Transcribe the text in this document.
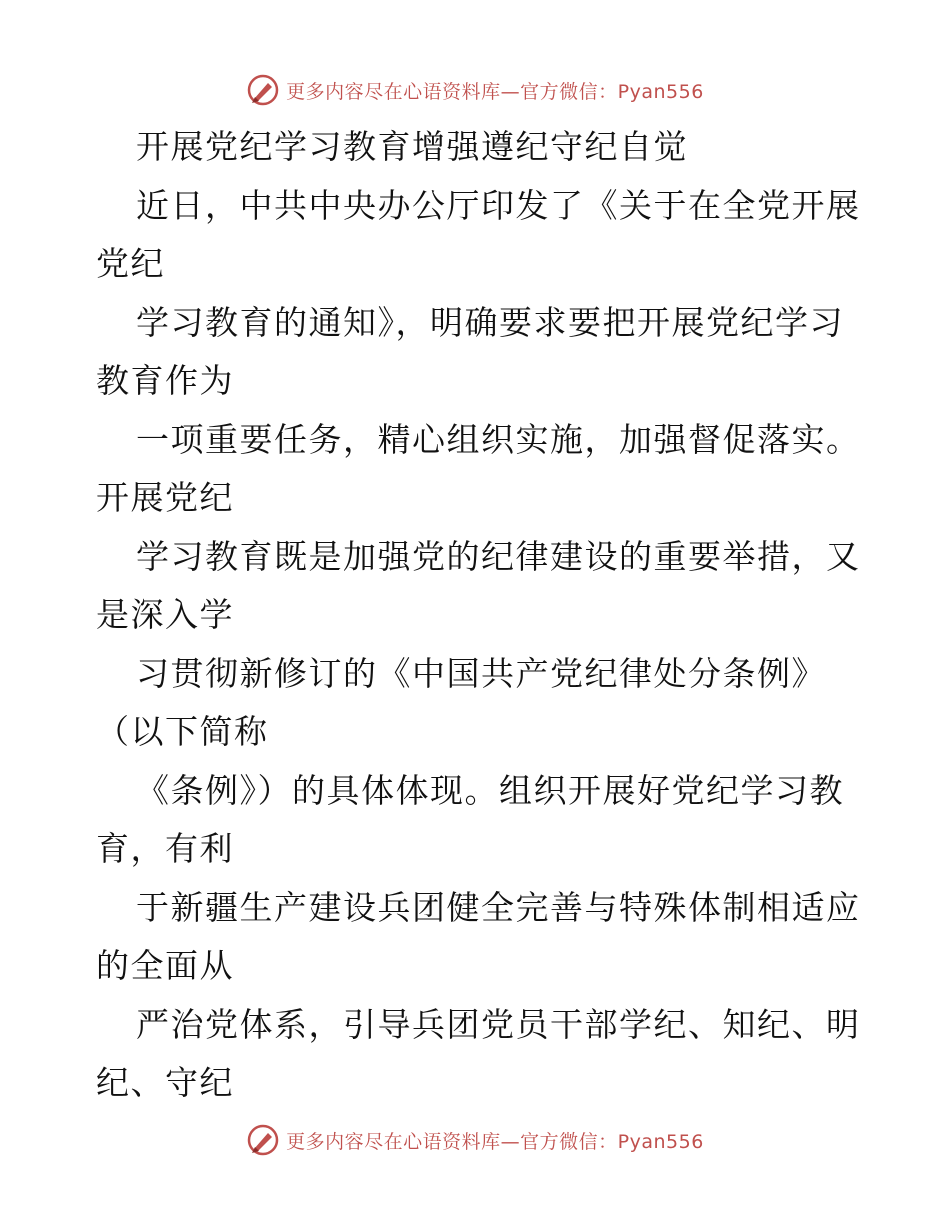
更多内容尽在心语资料库—官方微信：Pyan556
开展党纪学习教育增强遵纪守纪自觉
近日，中共中央办公厅印发了《关于在全党开展
党纪
学习教育的通知》，明确要求要把开展党纪学习
教育作为
一项重要任务，精心组织实施，加强督促落实。
开展党纪
学习教育既是加强党的纪律建设的重要举措，又
是深入学
习贯彻新修订的《中国共产党纪律处分条例》
（以下简称
《条例》）的具体体现。组织开展好党纪学习教
育，有利
于新疆生产建设兵团健全完善与特殊体制相适应
的全面从
严治党体系，引导兵团党员干部学纪、知纪、明
纪、守纪
更多内容尽在心语资料库—官方微信：Pyan556
